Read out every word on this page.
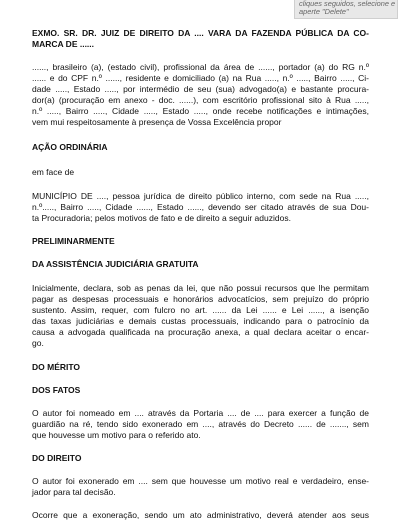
cliques seguidos, selecione e
aperte "Delete"

EXMO. SR. DR. JUIZ DE DIREITO DA .... VARA DA FAZENDA PÚBLICA DA CO-
MARCA DE ......

......, brasileiro (a), (estado civil), profissional da área de ......, portador (a) do RG n.º
...... e do CPF n.º ......, residente e domiciliado (a) na Rua ....., n.º ....., Bairro ....., Ci-
dade ....., Estado ....., por intermédio de seu (sua) advogado(a) e bastante procura-
dor(a) (procuração em anexo - doc. ......), com escritório profissional sito à Rua .....,
n.º ....., Bairro ....., Cidade ....., Estado ....., onde recebe notificações e intimações,
vem mui respeitosamente à presença de Vossa Excelência propor

AÇÃO ORDINÁRIA

em face de

MUNICÍPIO DE ...., pessoa jurídica de direito público interno, com sede na Rua .....,
n.º....., Bairro ....., Cidade ......, Estado ......, devendo ser citado através de sua Dou-
ta Procuradoria; pelos motivos de fato e de direito a seguir aduzidos.

PRELIMINARMENTE

DA ASSISTÊNCIA JUDICIÁRIA GRATUITA

Inicialmente, declara, sob as penas da lei, que não possui recursos que lhe permitam
pagar as despesas processuais e honorários advocatícios, sem prejuízo do próprio
sustento. Assim, requer, com fulcro no art. ...... da Lei ...... e Lei ......, a isenção
das taxas judiciárias e demais custas processuais, indicando para o patrocínio da
causa a advogada qualificada na procuração anexa, a qual declara aceitar o encar-
go.

DO MÉRITO

DOS FATOS

O autor foi nomeado em .... através da Portaria .... de .... para exercer a função de
guardião na ré, tendo sido exonerado em ...., através do Decreto ...... de ......., sem
que houvesse um motivo para o referido ato.

DO DIREITO

O autor foi exonerado em .... sem que houvesse um motivo real e verdadeiro, ense-
jador para tal decisão.

Ocorre que a exoneração, sendo um ato administrativo, deverá atender aos seus
